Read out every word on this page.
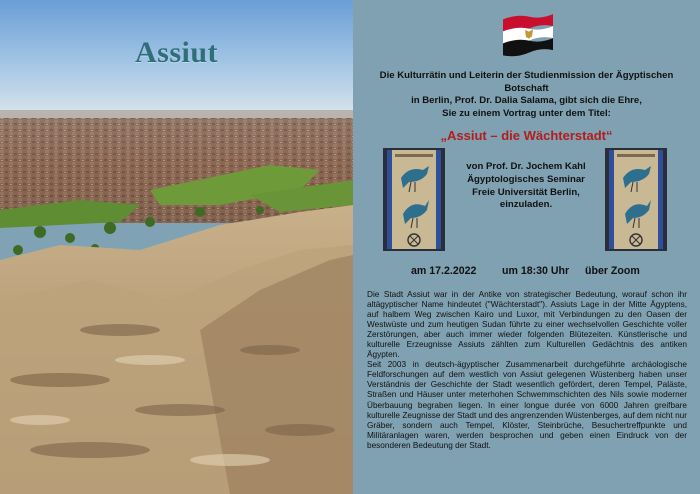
Assiut
Die Kulturrätin und Leiterin der Studienmission der Ägyptischen Botschaft
in Berlin, Prof. Dr. Dalia Salama, gibt sich die Ehre,
Sie zu einem Vortrag unter dem Titel:
„Assiut – die Wächterstadt“
von Prof. Dr. Jochem Kahl
Ägyptologisches Seminar
Freie Universität Berlin,
einzuladen.
am 17.2.2022 um 18:30 Uhr über Zoom

Die Stadt Assiut war in der Antike von strategischer Bedeutung, worauf schon ihr altägyptischer Name hindeutet ("Wächterstadt"). Assiuts Lage in der Mitte Ägyptens, auf halbem Weg zwischen Kairo und Luxor, mit Verbindungen zu den Oasen der Westwüste und zum heutigen Sudan führte zu einer wechselvollen Geschichte voller Zerstörungen, aber auch immer wieder folgenden Blütezeiten. Künstlerische und kulturelle Erzeugnisse Assiuts zählten zum Kulturellen Gedächtnis des antiken Ägypten.

Seit 2003 in deutsch-ägyptischer Zusammenarbeit durchgeführte archäologische Feldforschungen auf dem westlich von Assiut gelegenen Wüstenberg haben unser Verständnis der Geschichte der Stadt wesentlich gefördert, deren Tempel, Paläste, Straßen und Häuser unter meterhohen Schwemmschichten des Nils sowie moderner Überbauung begraben liegen. In einer longue durée von 6000 Jahren greifbare kulturelle Zeugnisse der Stadt und des angrenzenden Wüstenberges, auf dem nicht nur Gräber, sondern auch Tempel, Klöster, Steinbrüche, Besuchertreffpunkte und Militäranlagen waren, werden besprochen und geben einen Eindruck von der besonderen Bedeutung der Stadt.
